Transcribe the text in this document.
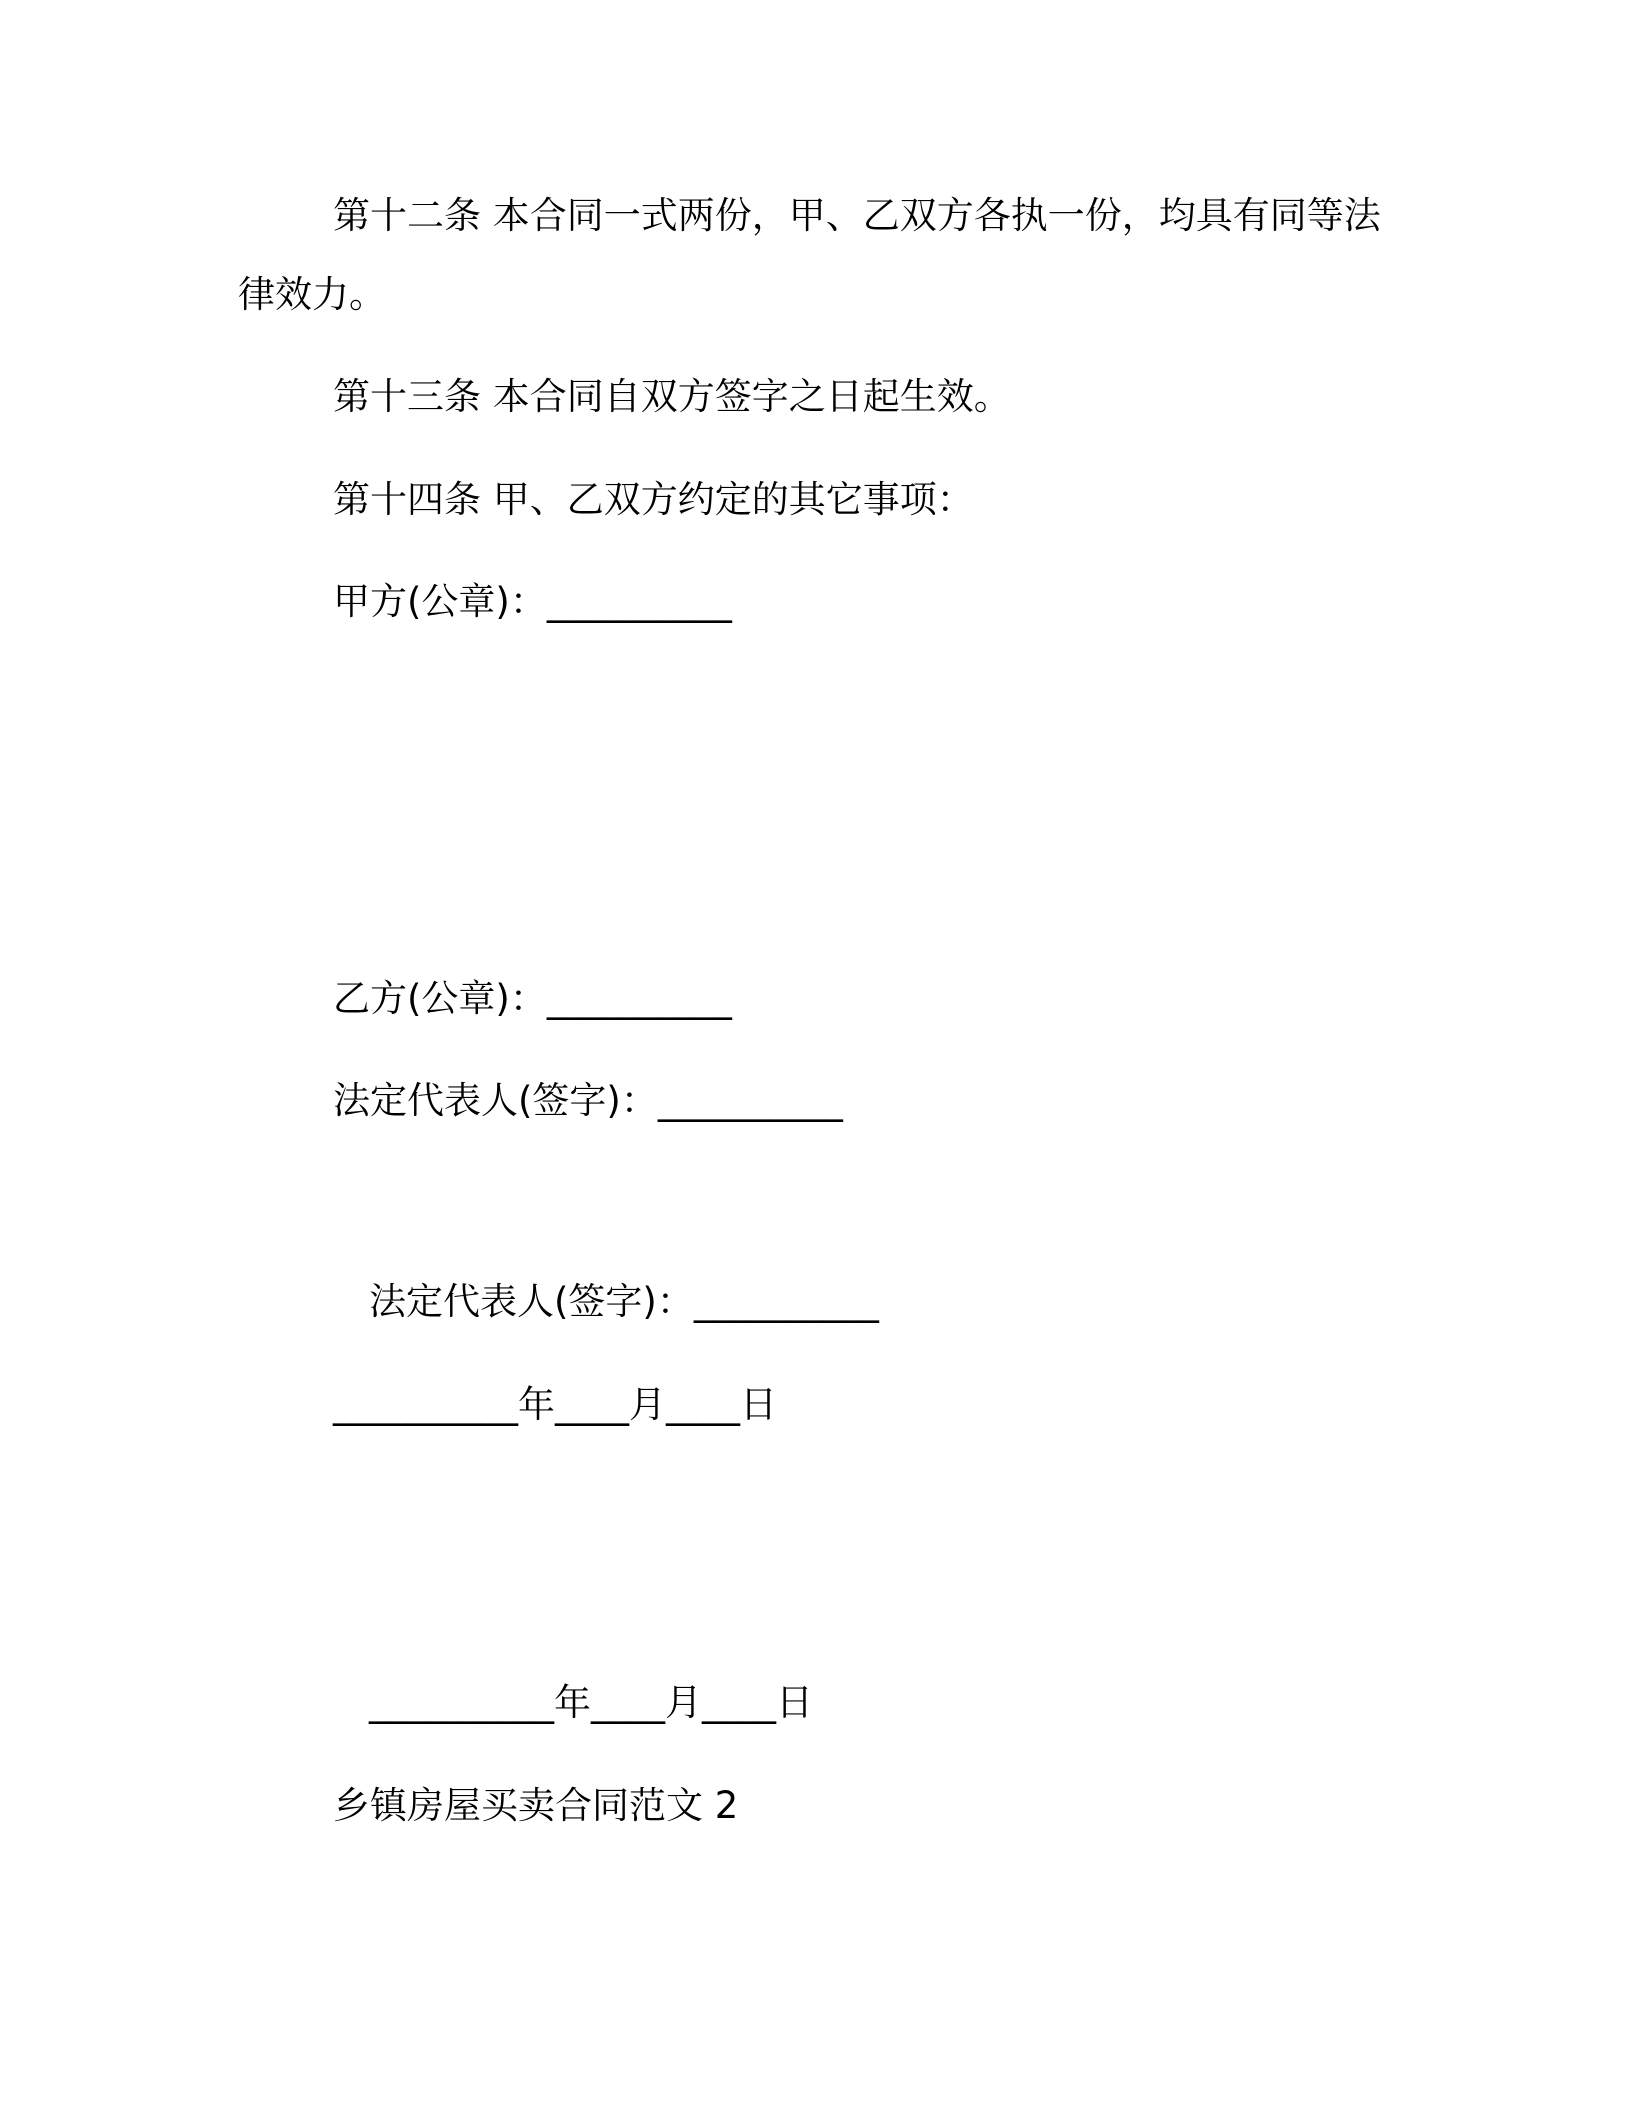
第十二条 本合同一式两份，甲、乙双方各执一份，均具有同等法
律效力。
第十三条 本合同自双方签字之日起生效。
第十四条 甲、乙双方约定的其它事项：
甲方(公章)：__________
乙方(公章)：__________
法定代表人(签字)：__________
法定代表人(签字)：__________
__________年____月____日
__________年____月____日
乡镇房屋买卖合同范文 2
